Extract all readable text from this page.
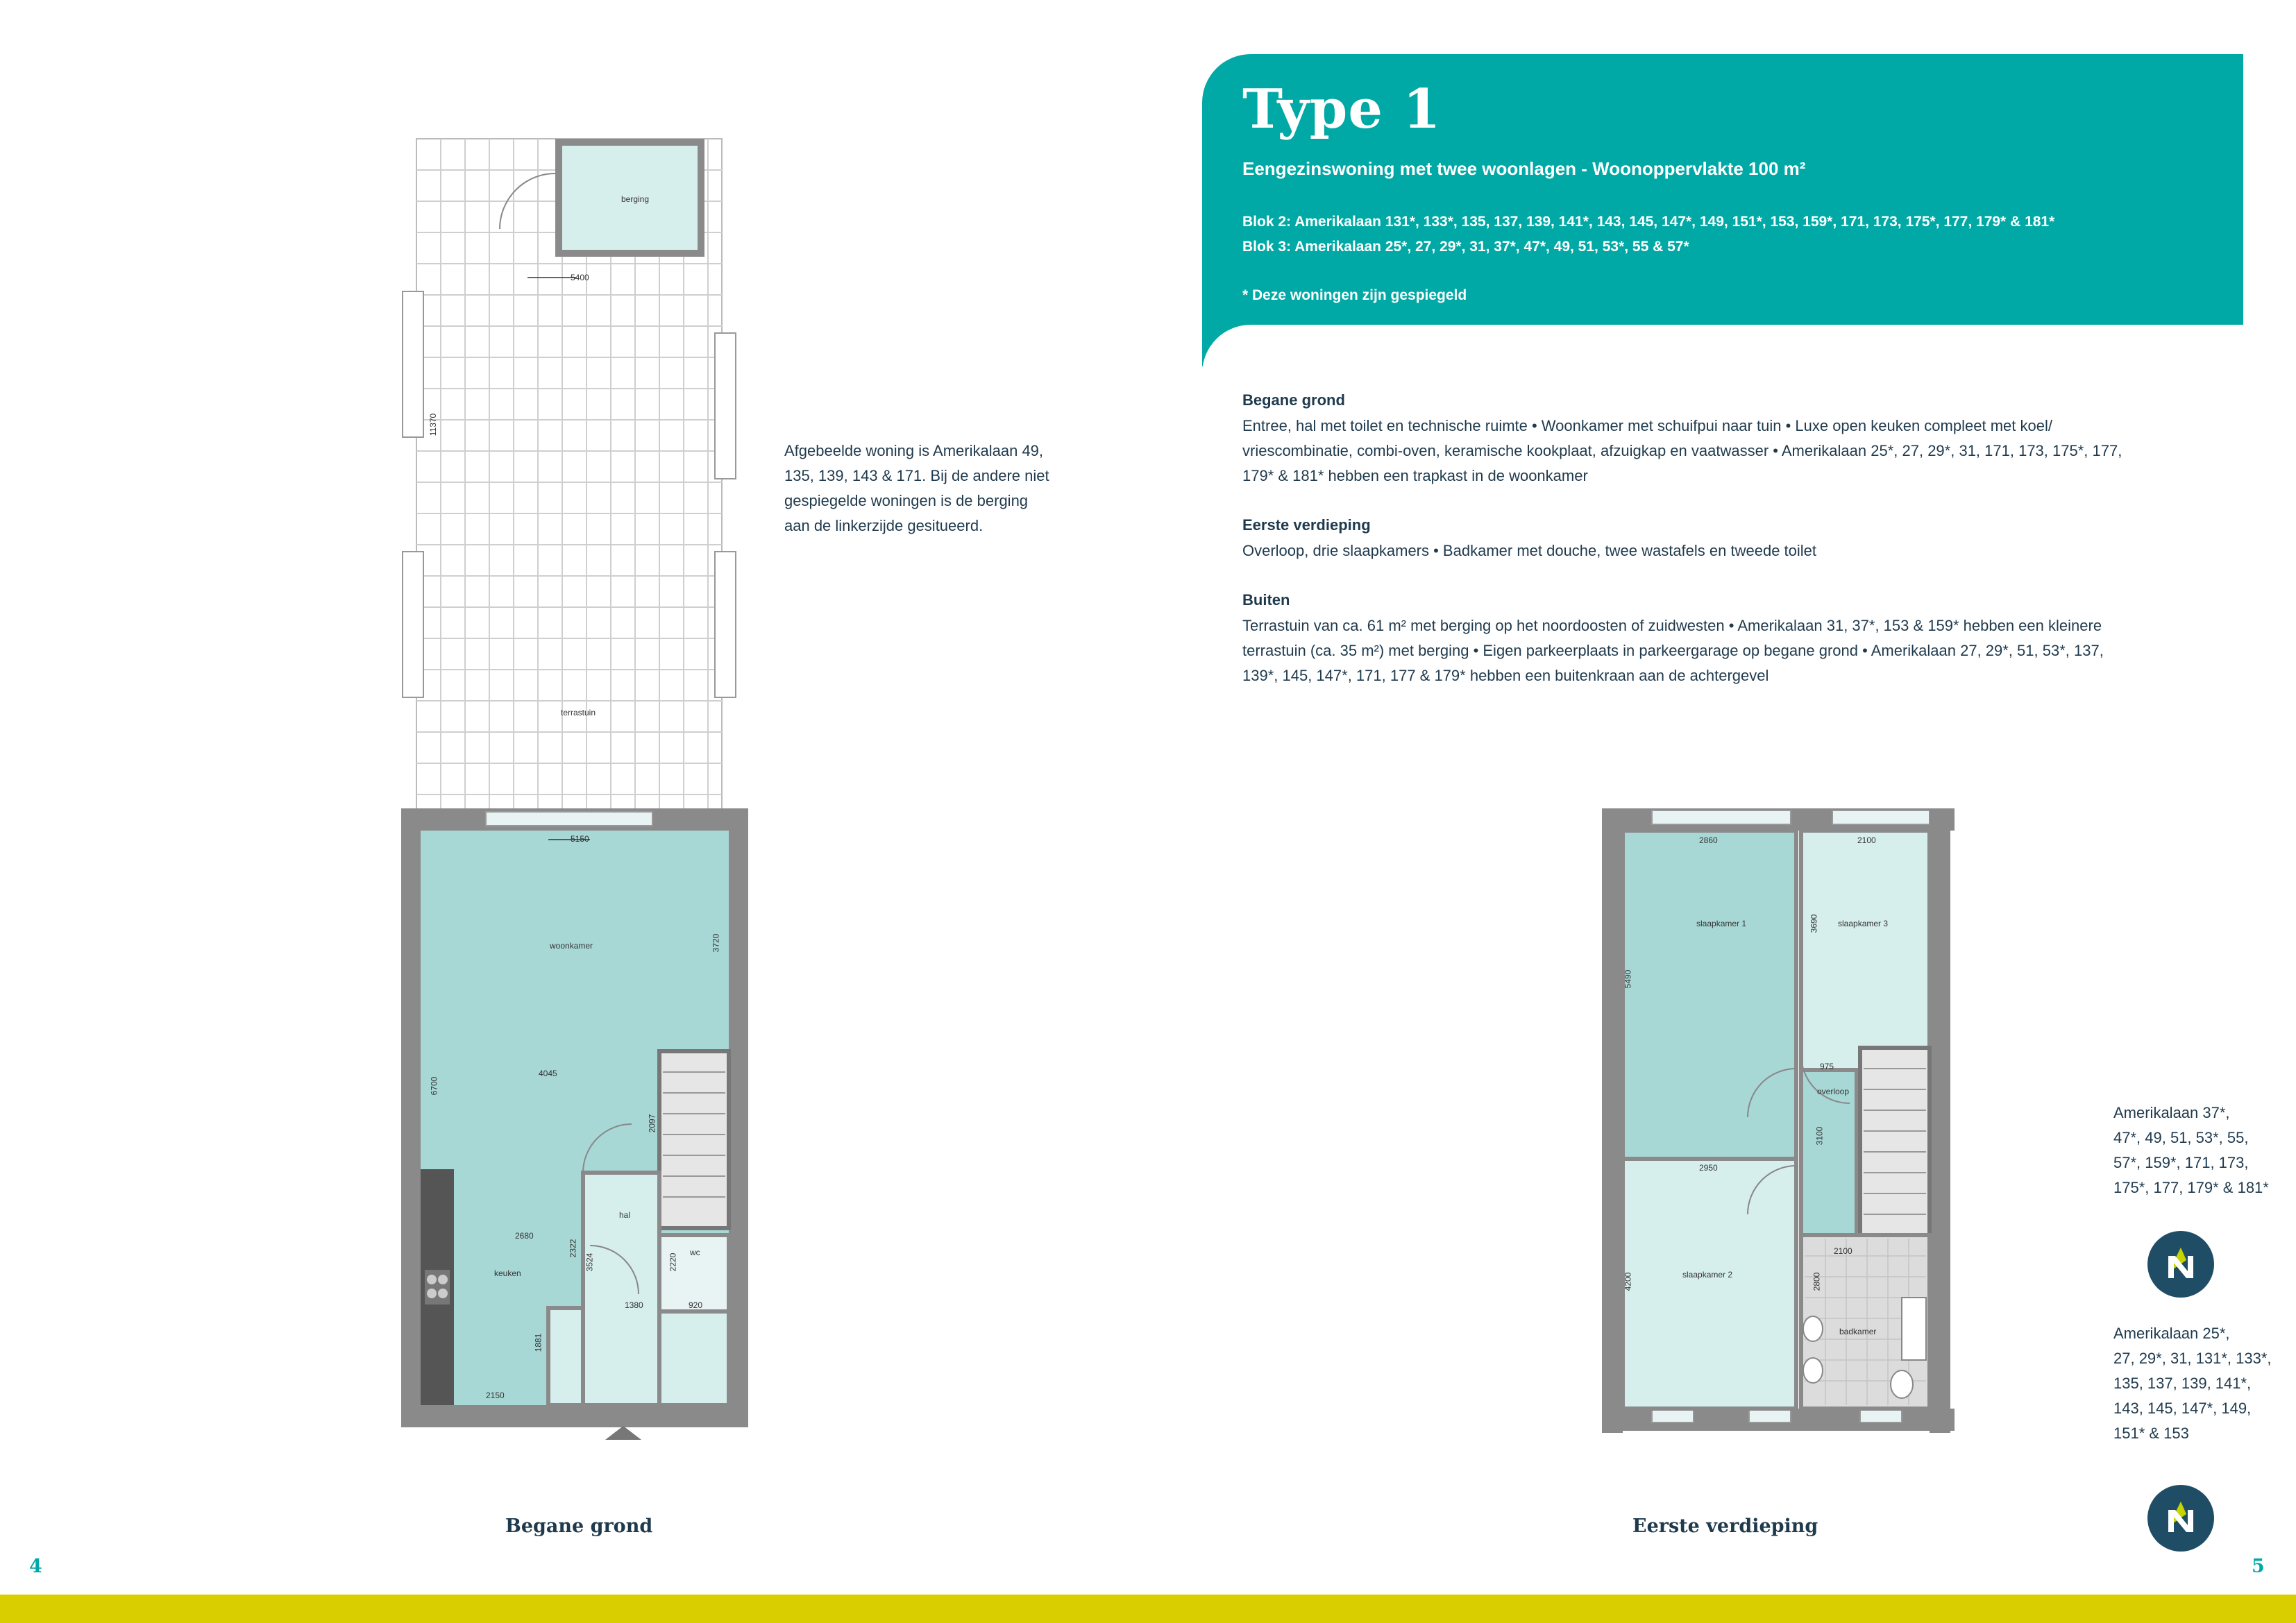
berging
5400
11370
terrastuin
5150
woonkamer	3720
4045
6700
2097
2680
keuken
hal
2322
3524	2220
wc
1380	920
1881
2150
Afgebeelde woning is Amerikalaan 49,
135, 139, 143 & 171. Bij de andere niet
gespiegelde woningen is de berging
aan de linkerzijde gesitueerd.
Begane grond
4
Type 1
Eengezinswoning met twee woonlagen - Woonoppervlakte 100 m²
Blok 2: Amerikalaan 131*, 133*, 135, 137, 139, 141*, 143, 145, 147*, 149, 151*, 153, 159*, 171, 173, 175*, 177, 179* & 181*
Blok 3: Amerikalaan 25*, 27, 29*, 31, 37*, 47*, 49, 51, 53*, 55 & 57*
* Deze woningen zijn gespiegeld
Begane grond
Entree, hal met toilet en technische ruimte • Woonkamer met schuifpui naar tuin • Luxe open keuken compleet met koel/
vriescombinatie, combi-oven, keramische kookplaat, afzuigkap en vaatwasser • Amerikalaan 25*, 27, 29*, 31, 171, 173, 175*, 177,
179* & 181* hebben een trapkast in de woonkamer
Eerste verdieping
Overloop, drie slaapkamers • Badkamer met douche, twee wastafels en tweede toilet
Buiten
Terrastuin van ca. 61 m² met berging op het noordoosten of zuidwesten • Amerikalaan 31, 37*, 153 & 159* hebben een kleinere
terrastuin (ca. 35 m²) met berging • Eigen parkeerplaats in parkeergarage op begane grond • Amerikalaan 27, 29*, 51, 53*, 137,
139*, 145, 147*, 171, 177 & 179* hebben een buitenkraan aan de achtergevel
2860	2100
slaapkamer 1	3690 slaapkamer 3
5490
975
overloop
3100
2950
2100
2800
slaapkamer 2
4200
badkamer
Amerikalaan 37*,
47*, 49, 51, 53*, 55,
57*, 159*, 171, 173,
175*, 177, 179* & 181*
Amerikalaan 25*,
27, 29*, 31, 131*, 133*,
135, 137, 139, 141*,
143, 145, 147*, 149,
151* & 153
Eerste verdieping
5
